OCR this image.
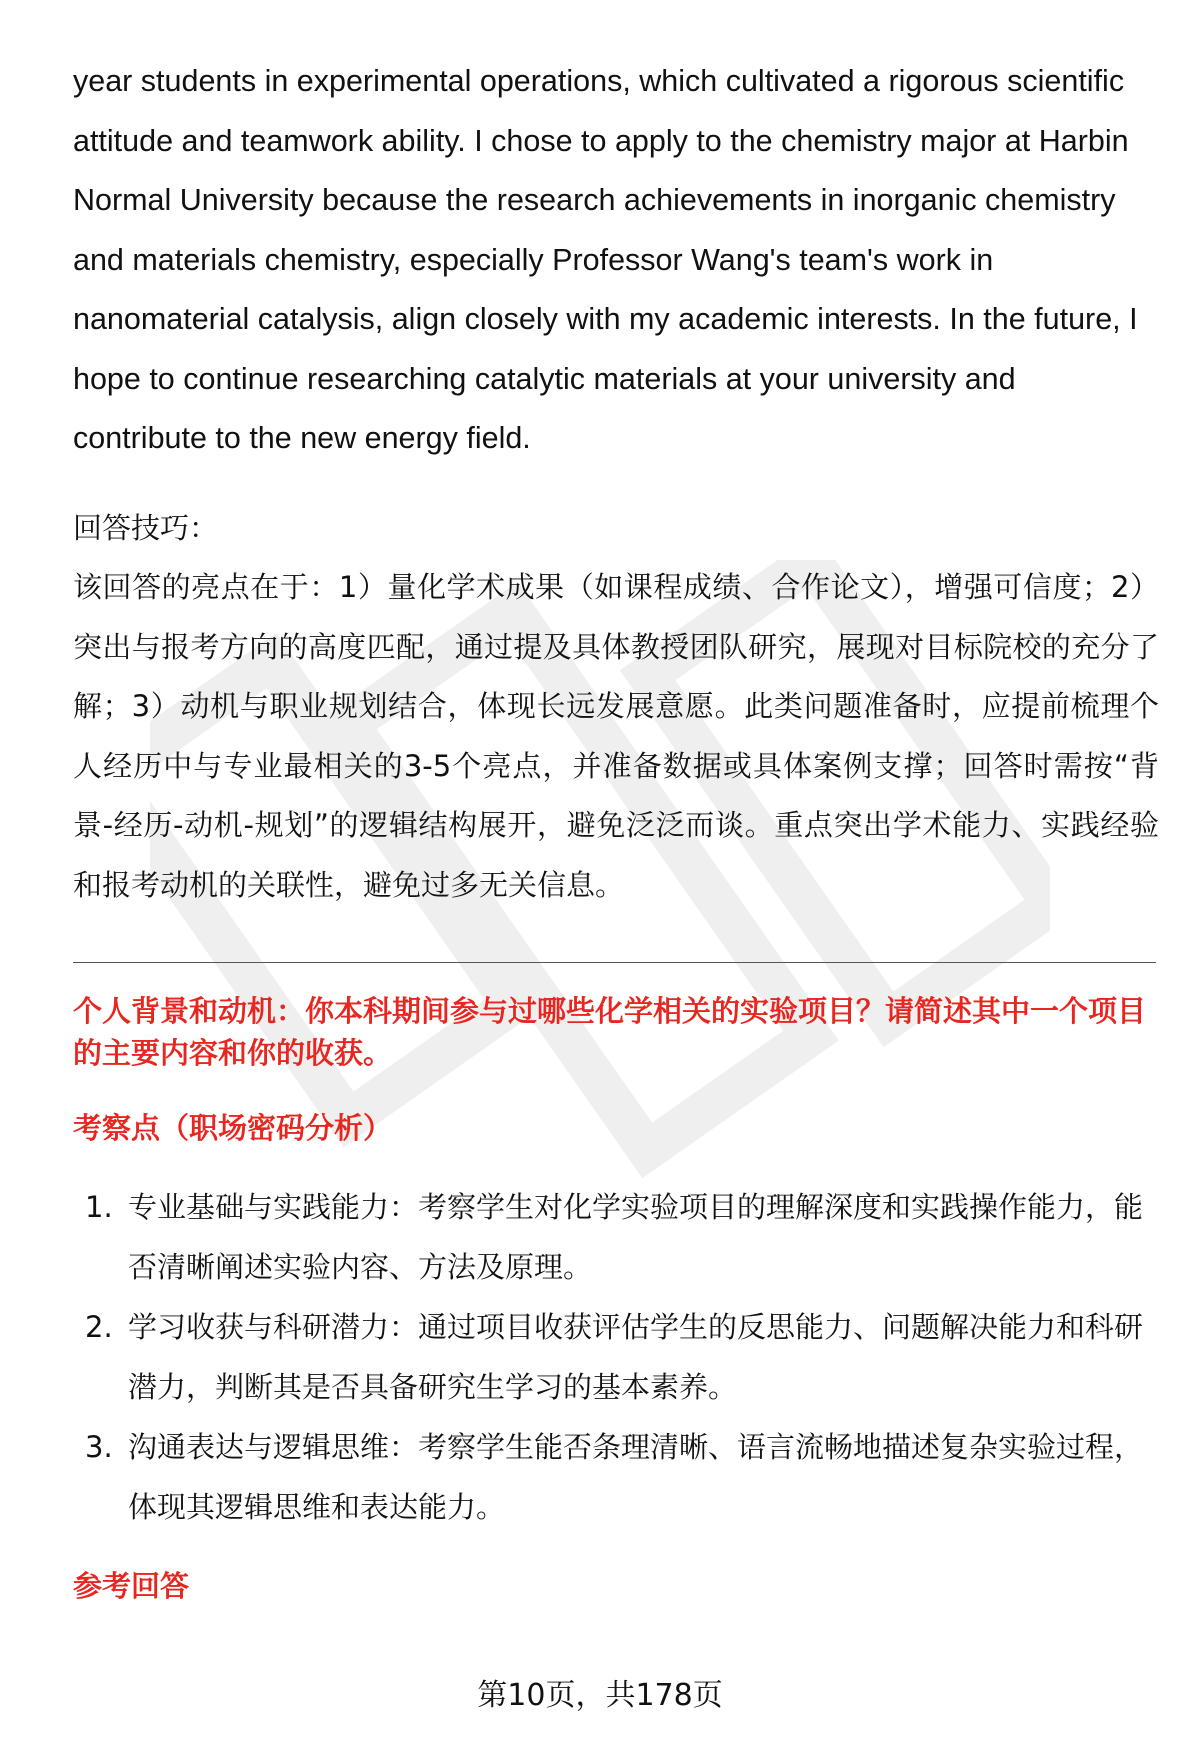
year students in experimental operations, which cultivated a rigorous scientific attitude and teamwork ability. I chose to apply to the chemistry major at Harbin Normal University because the research achievements in inorganic chemistry and materials chemistry, especially Professor Wang's team's work in nanomaterial catalysis, align closely with my academic interests. In the future, I hope to continue researching catalytic materials at your university and contribute to the new energy field.

回答技巧：

该回答的亮点在于：1）量化学术成果（如课程成绩、合作论文），增强可信度；2）突出与报考方向的高度匹配，通过提及具体教授团队研究，展现对目标院校的充分了解；3）动机与职业规划结合，体现长远发展意愿。此类问题准备时，应提前梳理个人经历中与专业最相关的3-5个亮点，并准备数据或具体案例支撑；回答时需按“背景-经历-动机-规划”的逻辑结构展开，避免泛泛而谈。重点突出学术能力、实践经验和报考动机的关联性，避免过多无关信息。

个人背景和动机：你本科期间参与过哪些化学相关的实验项目？请简述其中一个项目的主要内容和你的收获。
考察点（职场密码分析）
1. 专业基础与实践能力：考察学生对化学实验项目的理解深度和实践操作能力，能否清晰阐述实验内容、方法及原理。
2. 学习收获与科研潜力：通过项目收获评估学生的反思能力、问题解决能力和科研潜力，判断其是否具备研究生学习的基本素养。
3. 沟通表达与逻辑思维：考察学生能否条理清晰、语言流畅地描述复杂实验过程，体现其逻辑思维和表达能力。
参考回答
第10页，共178页
